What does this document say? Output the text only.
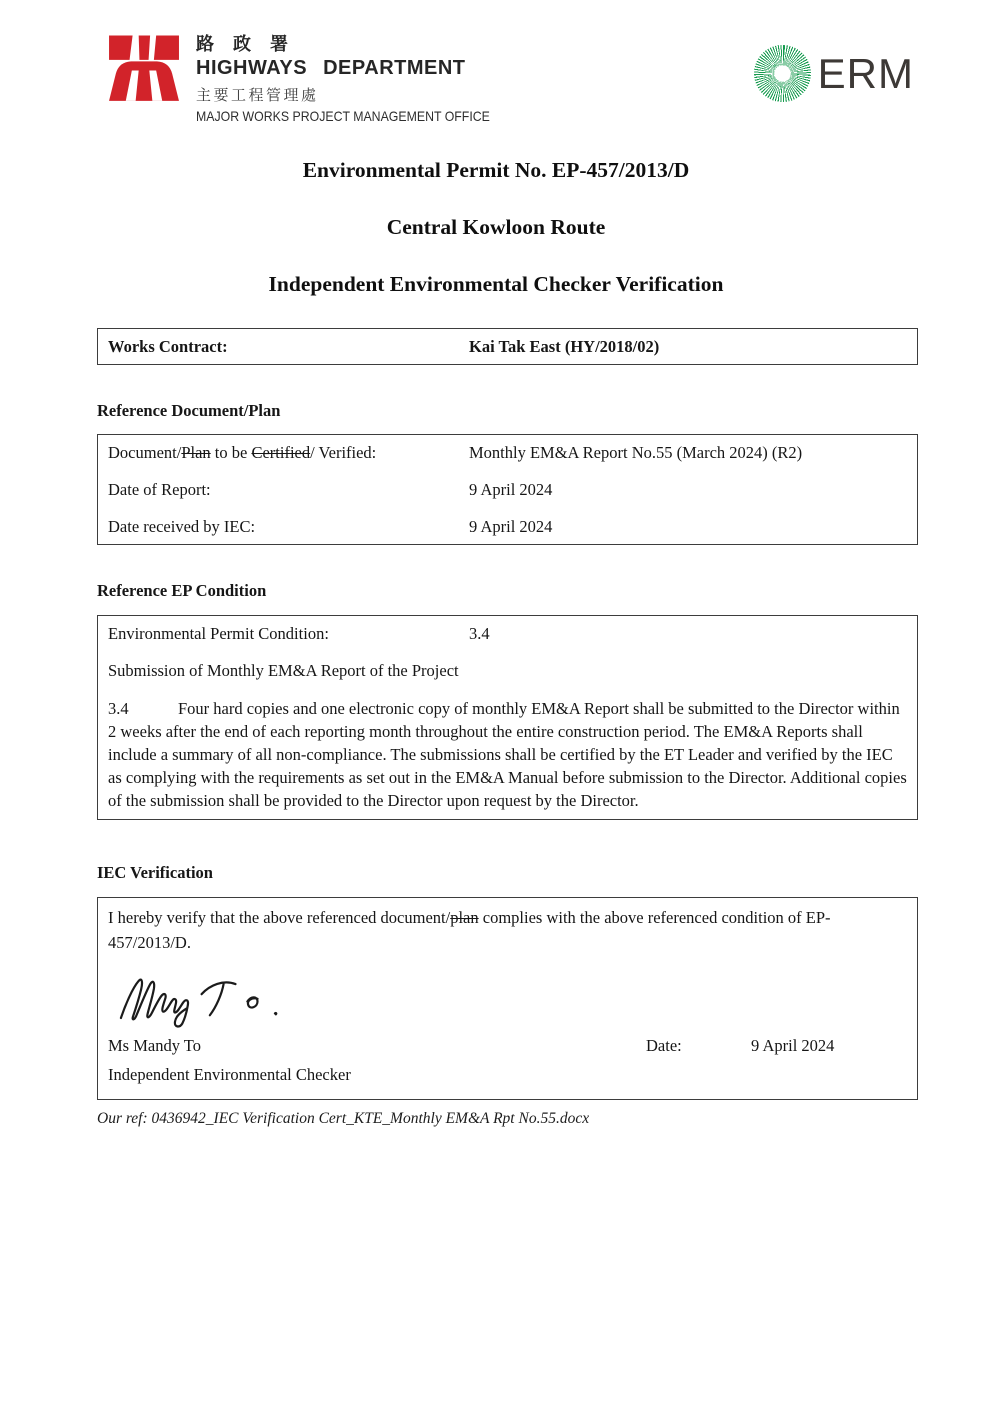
路 政 署
HIGHWAYS DEPARTMENT
主要工程管理處
MAJOR WORKS PROJECT MANAGEMENT OFFICE
ERM
Environmental Permit No. EP-457/2013/D
Central Kowloon Route
Independent Environmental Checker Verification
Works Contract:	Kai Tak East (HY/2018/02)
Reference Document/Plan
Document/Plan to be Certified/ Verified:	Monthly EM&A Report No.55 (March 2024) (R2)
Date of Report:	9 April 2024
Date received by IEC:	9 April 2024
Reference EP Condition
Environmental Permit Condition:	3.4
Submission of Monthly EM&A Report of the Project
3.4	Four hard copies and one electronic copy of monthly EM&A Report shall be submitted to the Director within 2 weeks after the end of each reporting month throughout the entire construction period. The EM&A Reports shall include a summary of all non-compliance. The submissions shall be certified by the ET Leader and verified by the IEC as complying with the requirements as set out in the EM&A Manual before submission to the Director. Additional copies of the submission shall be provided to the Director upon request by the Director.
IEC Verification
I hereby verify that the above referenced document/plan complies with the above referenced condition of EP-457/2013/D.
Ms Mandy To	Date:	9 April 2024
Independent Environmental Checker
Our ref: 0436942_IEC Verification Cert_KTE_Monthly EM&A Rpt No.55.docx
